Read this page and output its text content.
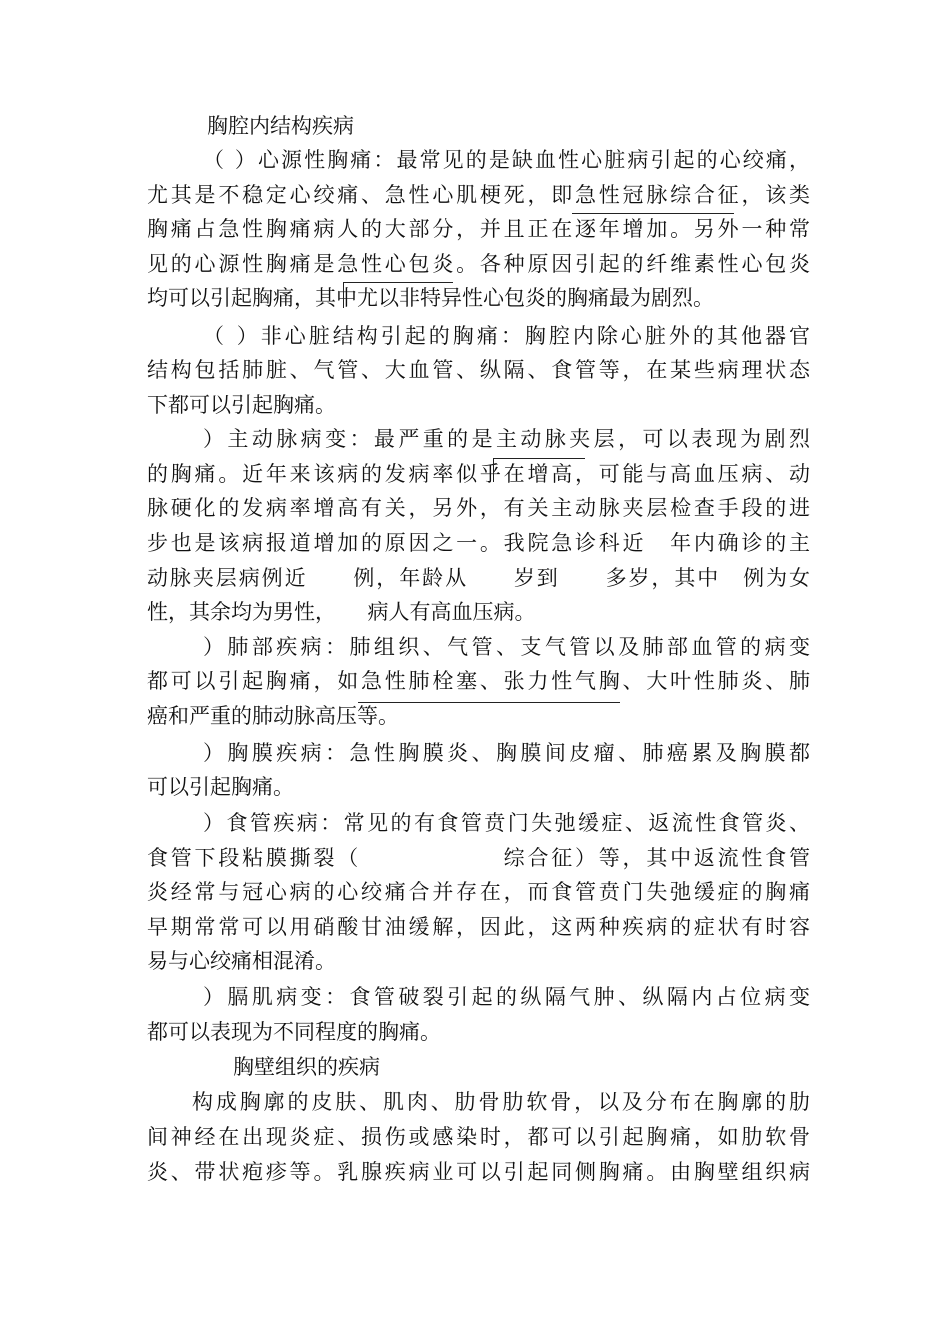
胸腔内结构疾病
（ ）心源性胸痛：最常见的是缺血性心脏病引起的心绞痛，
尤其是不稳定心绞痛、急性心肌梗死，即急性冠脉综合征，该类
胸痛占急性胸痛病人的大部分，并且正在逐年增加。另外一种常
见的心源性胸痛是急性心包炎。各种原因引起的纤维素性心包炎
均可以引起胸痛，其中尤以非特异性心包炎的胸痛最为剧烈。
（ ）非心脏结构引起的胸痛：胸腔内除心脏外的其他器官
结构包括肺脏、气管、大血管、纵隔、食管等，在某些病理状态
下都可以引起胸痛。
）主动脉病变：最严重的是主动脉夹层，可以表现为剧烈
的胸痛。近年来该病的发病率似乎在增高，可能与高血压病、动
脉硬化的发病率增高有关，另外，有关主动脉夹层检查手段的进
步也是该病报道增加的原因之一。我院急诊科近　年内确诊的主
动脉夹层病例近　　例，年龄从　　岁到　　多岁，其中　例为女
性，其余均为男性，　　病人有高血压病。
）肺部疾病：肺组织、气管、支气管以及肺部血管的病变
都可以引起胸痛，如急性肺栓塞、张力性气胸、大叶性肺炎、肺
癌和严重的肺动脉高压等。
）胸膜疾病：急性胸膜炎、胸膜间皮瘤、肺癌累及胸膜都
可以引起胸痛。
）食管疾病：常见的有食管贲门失弛缓症、返流性食管炎、
食管下段粘膜撕裂（　　　　　　综合征）等，其中返流性食管
炎经常与冠心病的心绞痛合并存在，而食管贲门失弛缓症的胸痛
早期常常可以用硝酸甘油缓解，因此，这两种疾病的症状有时容
易与心绞痛相混淆。
）膈肌病变：食管破裂引起的纵隔气肿、纵隔内占位病变
都可以表现为不同程度的胸痛。
胸壁组织的疾病
构成胸廓的皮肤、肌肉、肋骨肋软骨，以及分布在胸廓的肋
间神经在出现炎症、损伤或感染时，都可以引起胸痛，如肋软骨
炎、带状疱疹等。乳腺疾病业可以引起同侧胸痛。由胸壁组织病
